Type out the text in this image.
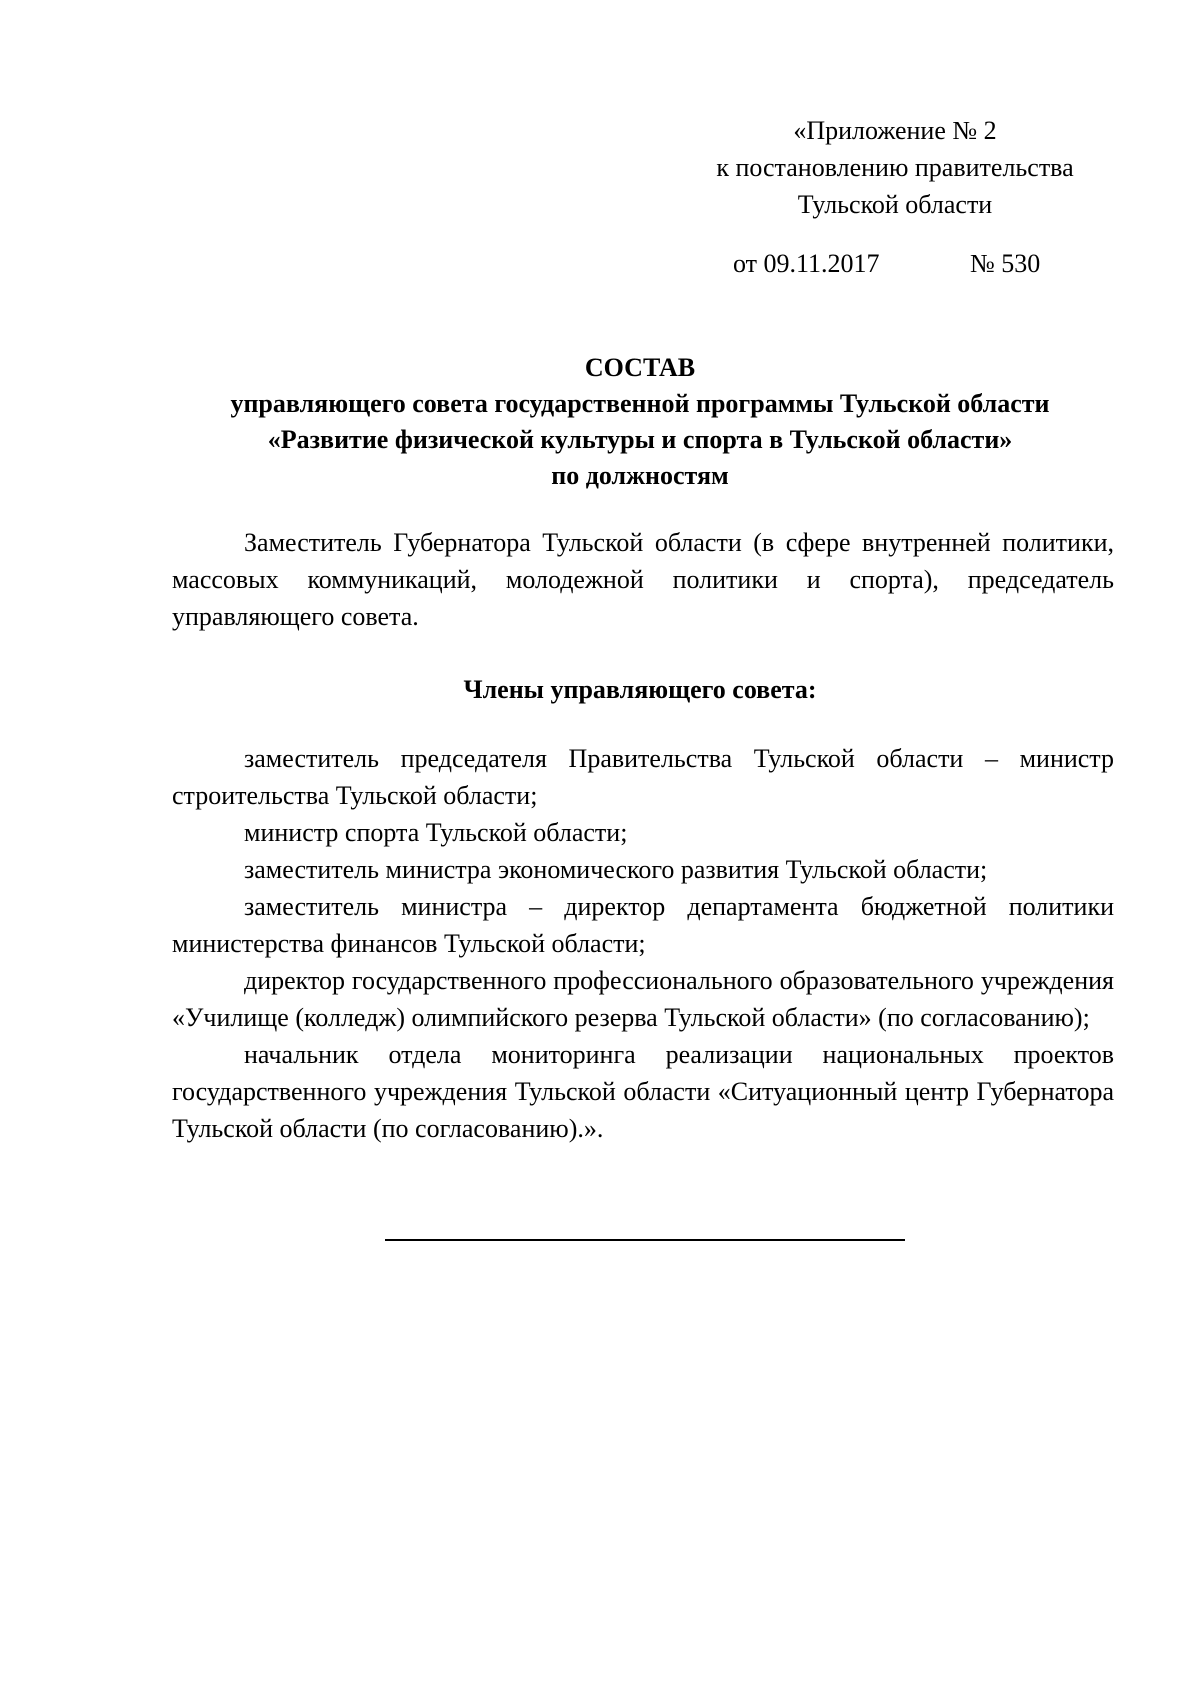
«Приложение № 2
к постановлению правительства
Тульской области
от 09.11.2017	№ 530
СОСТАВ
управляющего совета государственной программы Тульской области
«Развитие физической культуры и спорта в Тульской области»
по должностям

Заместитель Губернатора Тульской области (в сфере внутренней политики, массовых коммуникаций, молодежной политики и спорта), председатель управляющего совета.

Члены управляющего совета:

заместитель председателя Правительства Тульской области – министр строительства Тульской области;

министр спорта Тульской области;

заместитель министра экономического развития Тульской области;

заместитель министра – директор департамента бюджетной политики министерства финансов Тульской области;

директор государственного профессионального образовательного учреждения «Училище (колледж) олимпийского резерва Тульской области» (по согласованию);

начальник отдела мониторинга реализации национальных проектов государственного учреждения Тульской области «Ситуационный центр Губернатора Тульской области (по согласованию).».
